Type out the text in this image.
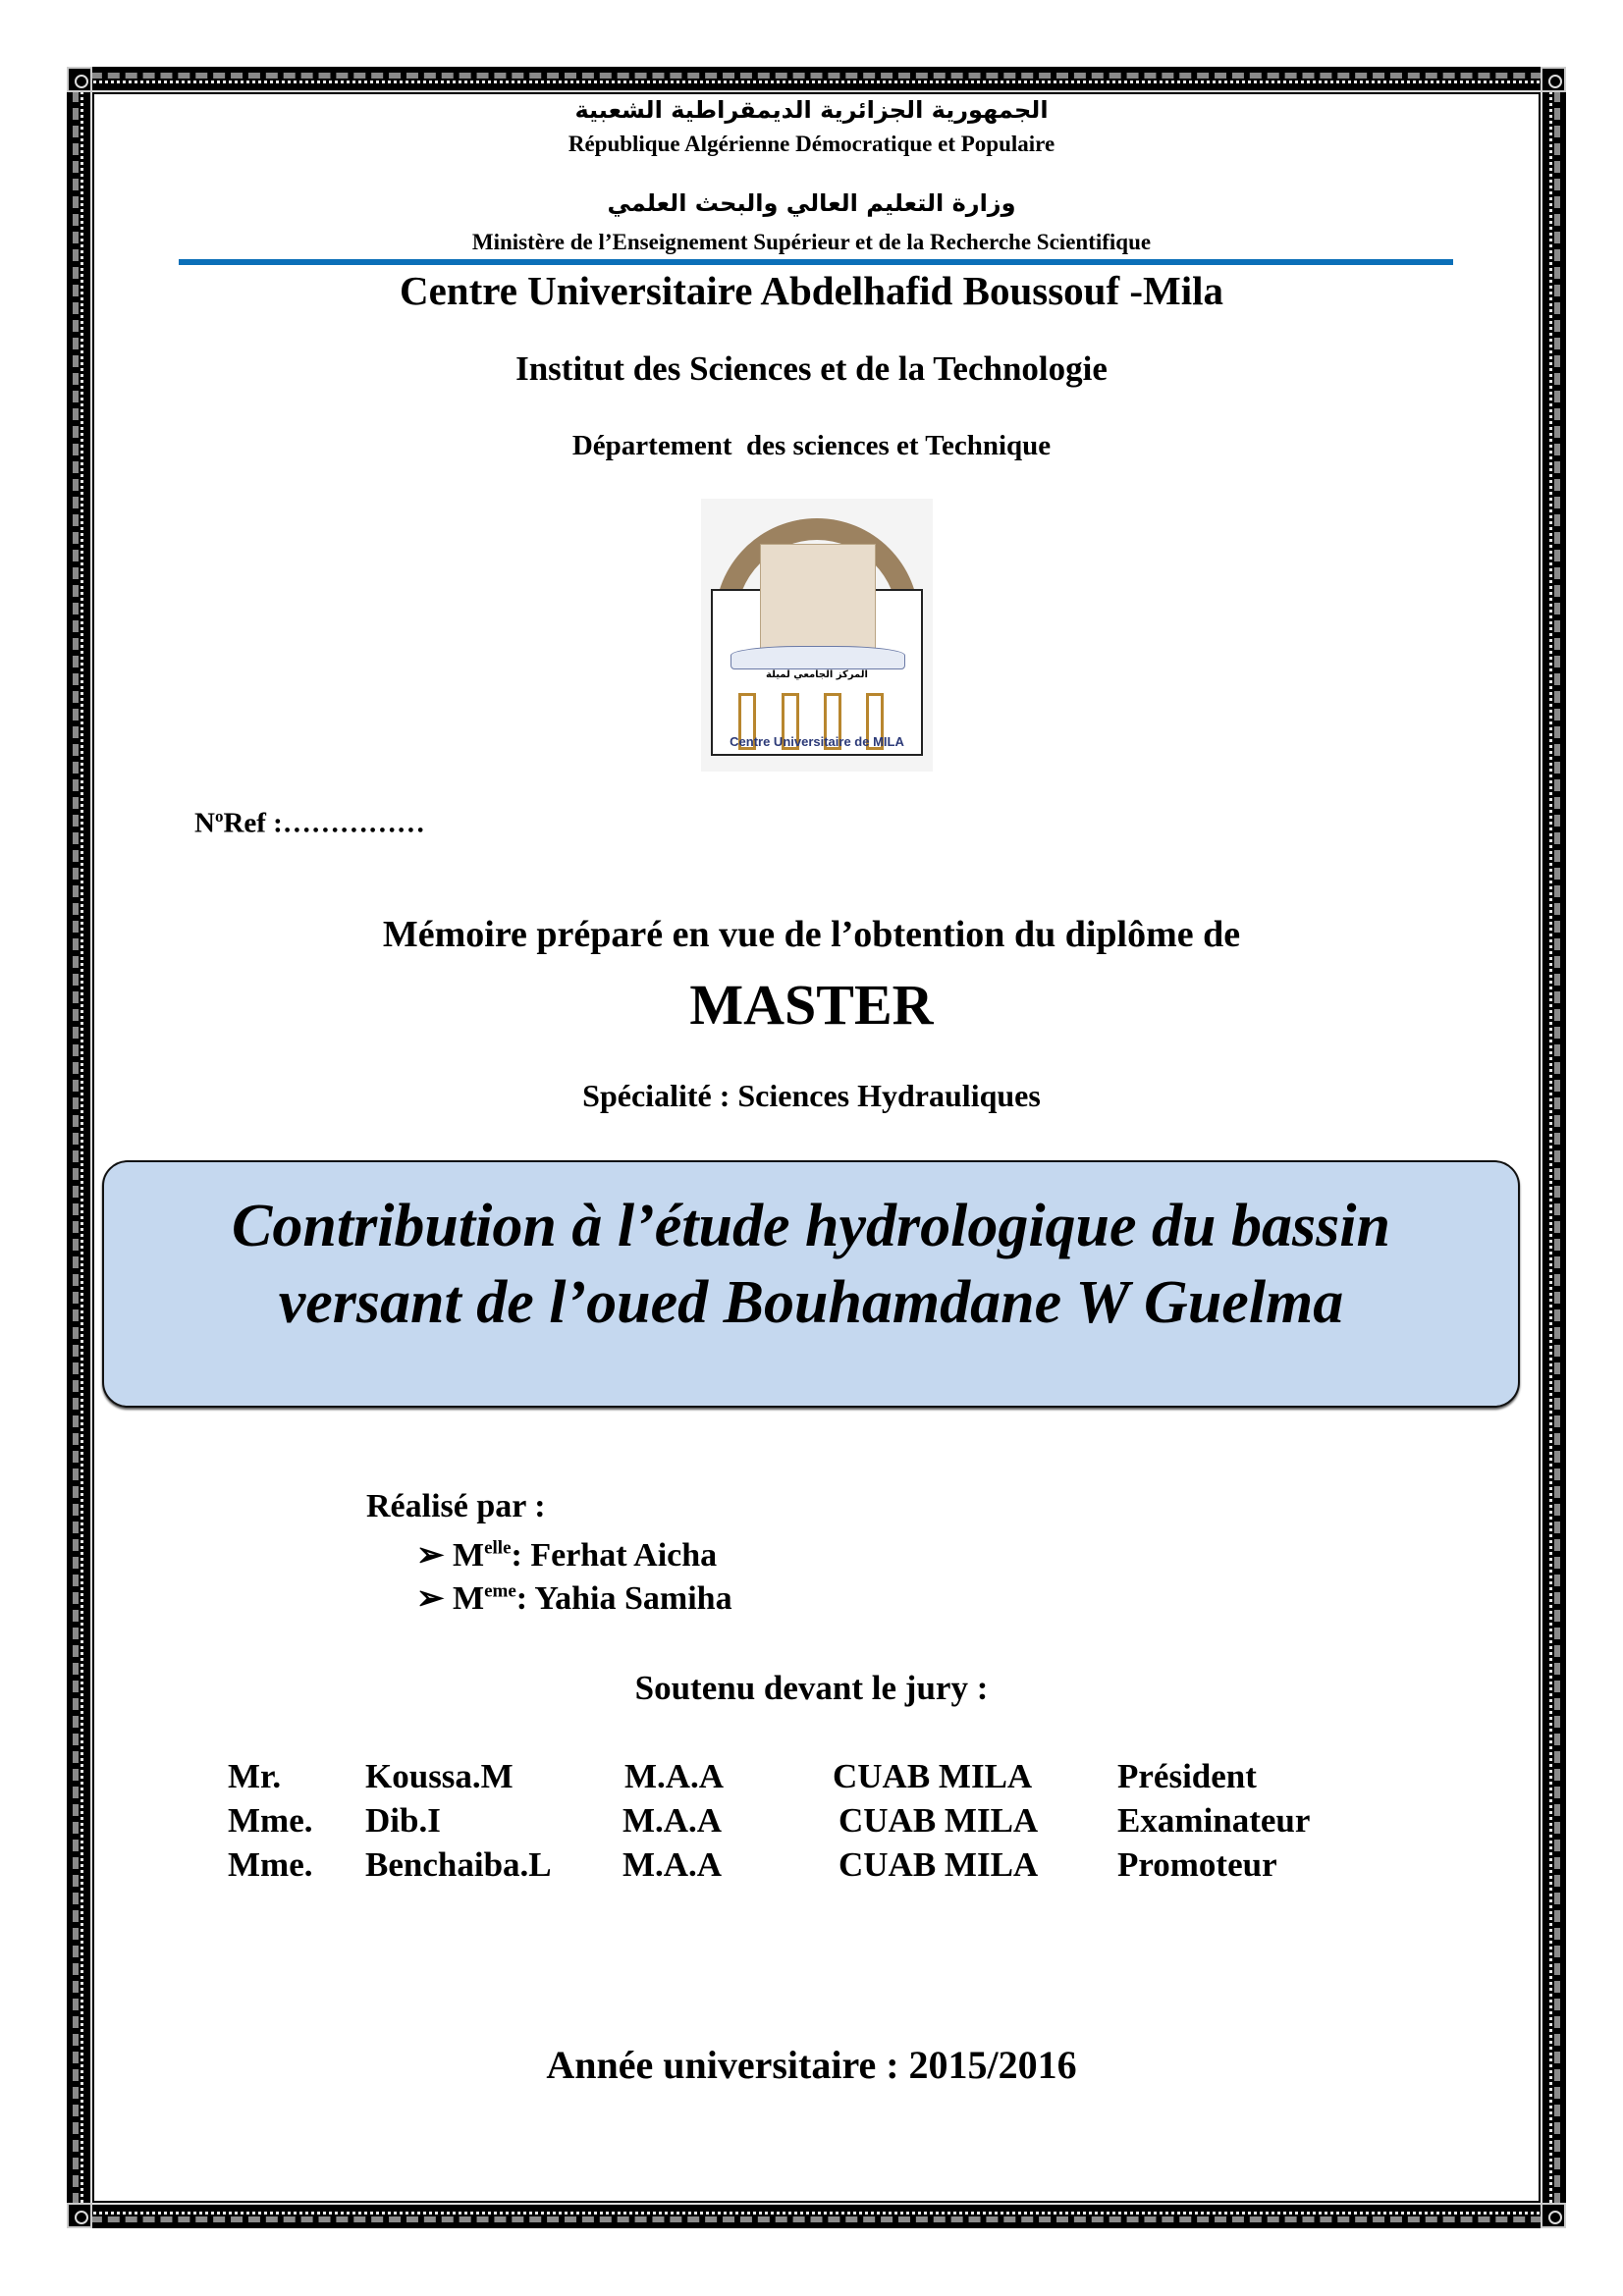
الجمهورية الجزائرية الديمقراطية الشعبية
République Algérienne Démocratique et Populaire
وزارة التعليم العالي والبحث العلمي
Ministère de l’Enseignement Supérieur et de la Recherche Scientifique
Centre Universitaire Abdelhafid Boussouf -Mila
Institut des Sciences et de la Technologie
Département  des sciences et Technique
المركز الجامعي لميلة
Centre Universitaire de MILA
$N^oRef$ :……………
Mémoire préparé en vue de l’obtention du diplôme de
MASTER
Spécialité : Sciences Hydrauliques
Contribution à l’étude hydrologique du bassin
versant de l’oued Bouhamdane W Guelma
Réalisé par :
➢ $M^{elle}$: Ferhat Aicha
➢ Meme: Yahia Samiha
Soutenu devant le jury :
Mr. Koussa.M	M.A.A	CUAB MILA Président
Mme. Dib.I	M.A.A	CUAB MILA Examinateur
Mme. Benchaiba.L M.A.A	CUAB MILA Promoteur
Année universitaire : 2015/2016
